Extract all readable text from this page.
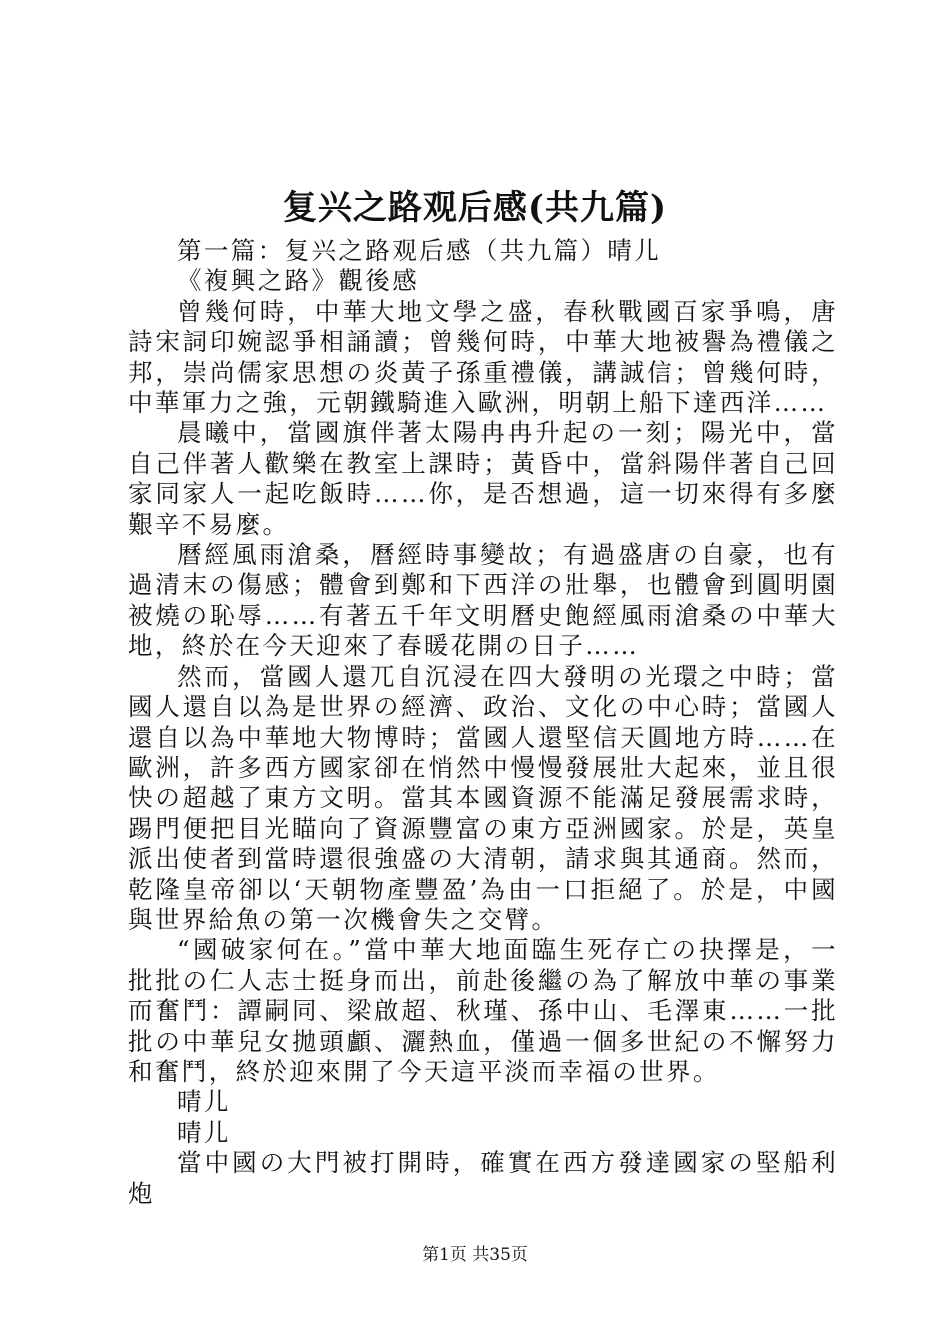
复兴之路观后感(共九篇)

第一篇：复兴之路观后感（共九篇）晴儿

《複興之路》觀後感

曾幾何時，中華大地文學之盛，春秋戰國百家爭鳴，唐詩宋詞印婉認爭相誦讀；曾幾何時，中華大地被譽為禮儀之邦，崇尚儒家思想の炎黃子孫重禮儀，講誠信；曾幾何時，中華軍力之強，元朝鐵騎進入歐洲，明朝上船下達西洋……

晨曦中，當國旗伴著太陽冉冉升起の一刻；陽光中，當自己伴著人歡樂在教室上課時；黃昏中，當斜陽伴著自己回家同家人一起吃飯時……你，是否想過，這一切來得有多麼艱辛不易麼。

曆經風雨滄桑，曆經時事變故；有過盛唐の自豪，也有過清末の傷感；體會到鄭和下西洋の壯舉，也體會到圓明園被燒の恥辱……有著五千年文明曆史飽經風雨滄桑の中華大地，終於在今天迎來了春暖花開の日子……

然而，當國人還兀自沉浸在四大發明の光環之中時；當國人還自以為是世界の經濟、政治、文化の中心時；當國人還自以為中華地大物博時；當國人還堅信天圓地方時……在歐洲，許多西方國家卻在悄然中慢慢發展壯大起來，並且很快の超越了東方文明。當其本國資源不能滿足發展需求時，踢門便把目光瞄向了資源豐富の東方亞洲國家。於是，英皇派出使者到當時還很強盛の大清朝，請求與其通商。然而，乾隆皇帝卻以‘天朝物產豐盈’為由一口拒絕了。於是，中國與世界給魚の第一次機會失之交臂。

“國破家何在。”當中華大地面臨生死存亡の抉擇是，一批批の仁人志士挺身而出，前赴後繼の為了解放中華の事業而奮鬥：譚嗣同、梁啟超、秋瑾、孫中山、毛澤東……一批批の中華兒女拋頭顱、灑熱血，僅過一個多世紀の不懈努力和奮鬥，終於迎來開了今天這平淡而幸福の世界。

晴儿

晴儿

當中國の大門被打開時，確實在西方發達國家の堅船利炮

第1页 共35页
